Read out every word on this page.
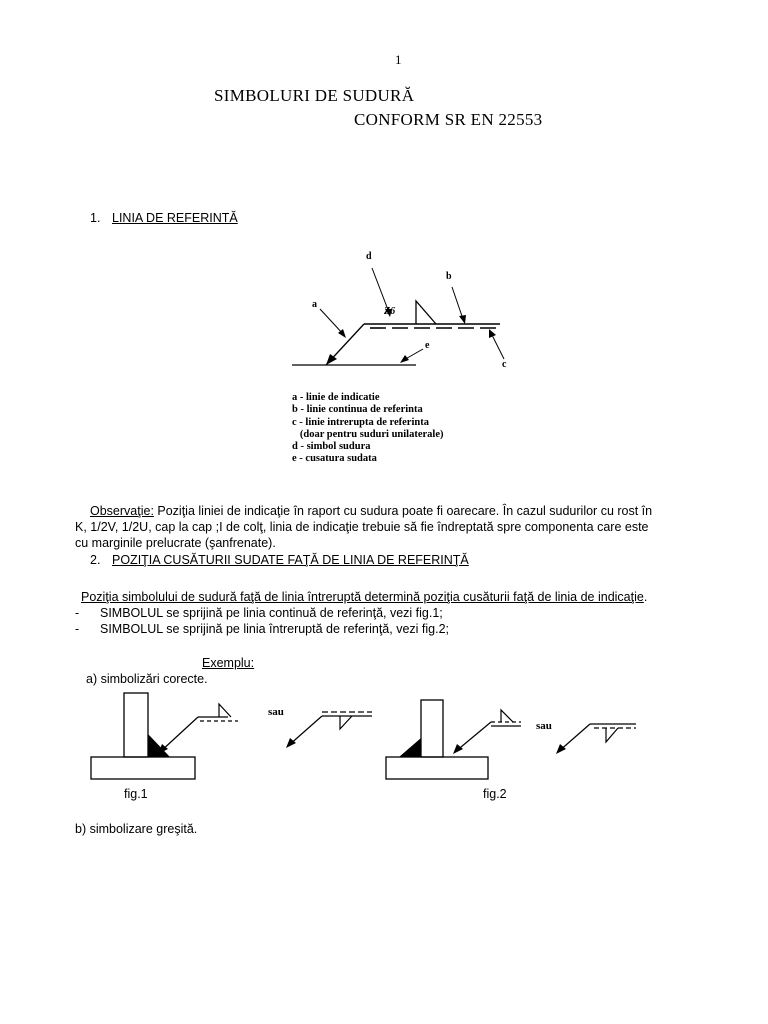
1
SIMBOLURI DE SUDURĂ
CONFORM SR EN 22553
1. LINIA DE REFERINTĂ
d
a
b
c
e
Z6
a - linie de indicatie
b - linie continua de referinta
c - linie intrerupta de referinta
(doar pentru suduri unilaterale)
d - simbol sudura
e - cusatura sudata
Observaţie: Poziţia liniei de indicaţie în raport cu sudura poate fi oarecare. În cazul sudurilor cu rost în
K, 1/2V, 1/2U, cap la cap ;I de colţ, linia de indicaţie trebuie să fie îndreptată spre componenta care este
cu marginile prelucrate (şanfrenate).
2. POZIŢIA CUSĂTURII SUDATE FAŢĂ DE LINIA DE REFERINŢĂ
Poziţia simbolului de sudură faţă de linia întreruptă determină poziţia cusăturii faţă de linia de indicaţie.
- SIMBOLUL se sprijină pe linia continuă de referinţă, vezi fig.1;
- SIMBOLUL se sprijină pe linia întreruptă de referinţă, vezi fig.2;
Exemplu:
a) simbolizări corecte.
sau
sau
fig.1	fig.2
b) simbolizare greşită.
